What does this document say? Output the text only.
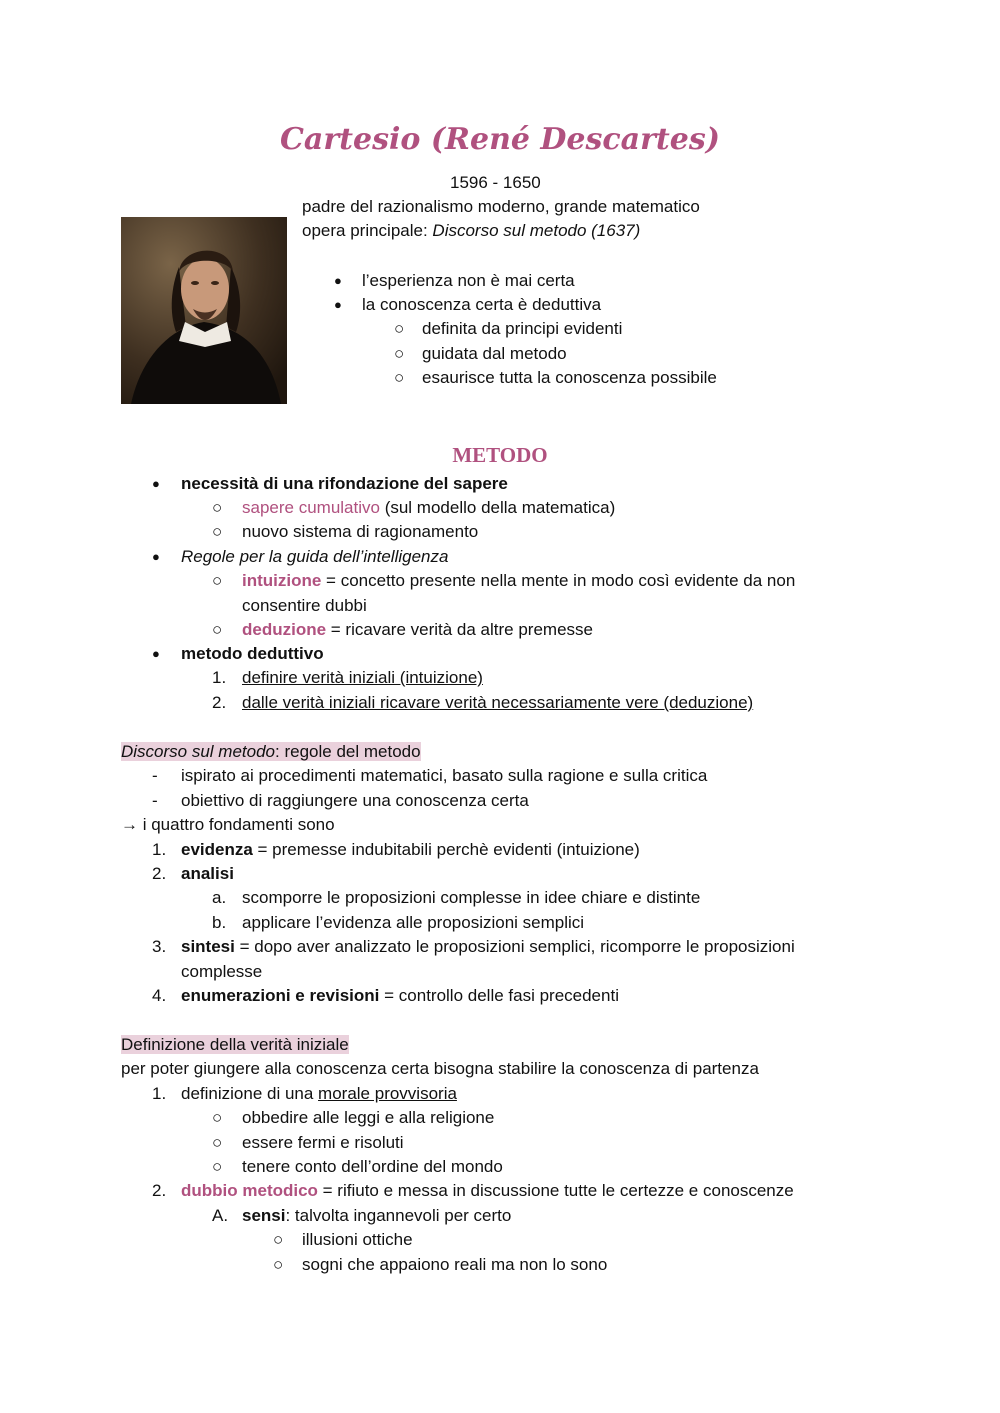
Cartesio (René Descartes)
1596 - 1650
padre del razionalismo moderno, grande matematico
opera principale: Discorso sul metodo (1637)
● l’esperienza non è mai certa
● la conoscenza certa è deduttiva
○ definita da principi evidenti
○ guidata dal metodo
○ esaurisce tutta la conoscenza possibile
METODO
● necessità di una rifondazione del sapere
○ sapere cumulativo (sul modello della matematica)
○ nuovo sistema di ragionamento
● Regole per la guida dell’intelligenza
○ intuizione = concetto presente nella mente in modo così evidente da non
consentire dubbi
○ deduzione = ricavare verità da altre premesse
● metodo deduttivo
1. definire verità iniziali (intuizione)
2. dalle verità iniziali ricavare verità necessariamente vere (deduzione)
Discorso sul metodo: regole del metodo
- ispirato ai procedimenti matematici, basato sulla ragione e sulla critica
- obiettivo di raggiungere una conoscenza certa
→ i quattro fondamenti sono
1. evidenza = premesse indubitabili perchè evidenti (intuizione)
2. analisi
a. scomporre le proposizioni complesse in idee chiare e distinte
b. applicare l’evidenza alle proposizioni semplici
3. sintesi = dopo aver analizzato le proposizioni semplici, ricomporre le proposizioni
complesse
4. enumerazioni e revisioni = controllo delle fasi precedenti
Definizione della verità iniziale
per poter giungere alla conoscenza certa bisogna stabilire la conoscenza di partenza
1. definizione di una morale provvisoria
○ obbedire alle leggi e alla religione
○ essere fermi e risoluti
○ tenere conto dell’ordine del mondo
2. dubbio metodico = rifiuto e messa in discussione tutte le certezze e conoscenze
A. sensi: talvolta ingannevoli per certo
○ illusioni ottiche
○ sogni che appaiono reali ma non lo sono
